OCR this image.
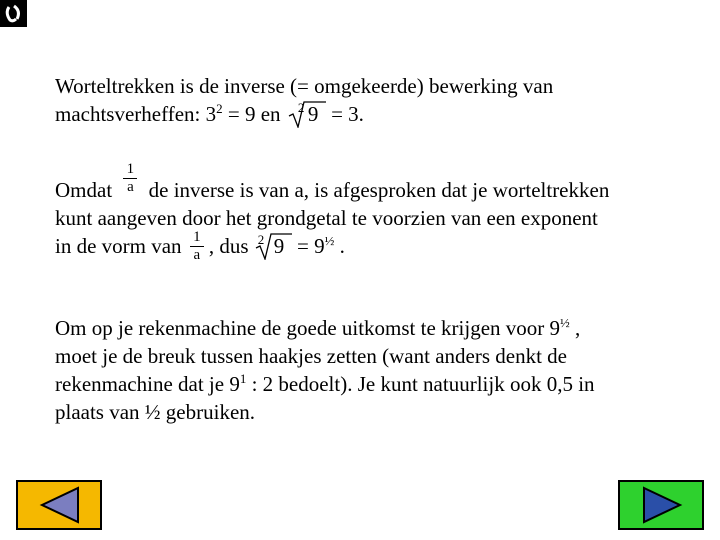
Worteltrekken is de inverse (= omgekeerde) bewerking van
machtsverheffen: $3^2 = 9$ en 2 9 = 3.
Omdat
1
a de inverse is van a, is afgesproken dat je worteltrekken
kunt aangeven door het grondgetal te voorzien van een exponent
in de vorm van 1
a , dus 2 $9 = 9^{\frac{1}{2}}$ .
Om op je rekenmachine de goede uitkomst te krijgen voor $9^{\frac{1}{2}}$ ,
moet je de breuk tussen haakjes zetten (want anders denkt de
rekenmachine dat je $9^1$ : 2 bedoelt). Je kunt natuurlijk ook 0,5 in
plaats van ½ gebruiken.
